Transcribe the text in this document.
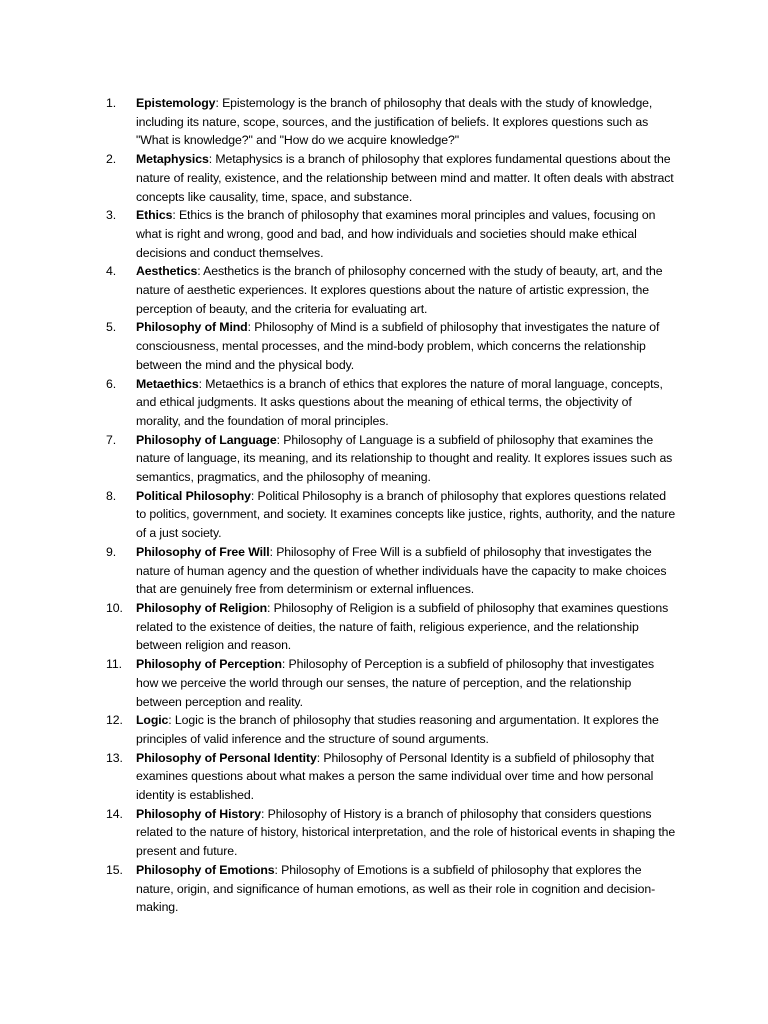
1.	Epistemology: Epistemology is the branch of philosophy that deals with the study of knowledge, including its nature, scope, sources, and the justification of beliefs. It explores questions such as "What is knowledge?" and "How do we acquire knowledge?"
2.	Metaphysics: Metaphysics is a branch of philosophy that explores fundamental questions about the nature of reality, existence, and the relationship between mind and matter. It often deals with abstract concepts like causality, time, space, and substance.
3.	Ethics: Ethics is the branch of philosophy that examines moral principles and values, focusing on what is right and wrong, good and bad, and how individuals and societies should make ethical decisions and conduct themselves.
4.	Aesthetics: Aesthetics is the branch of philosophy concerned with the study of beauty, art, and the nature of aesthetic experiences. It explores questions about the nature of artistic expression, the perception of beauty, and the criteria for evaluating art.
5.	Philosophy of Mind: Philosophy of Mind is a subfield of philosophy that investigates the nature of consciousness, mental processes, and the mind-body problem, which concerns the relationship between the mind and the physical body.
6.	Metaethics: Metaethics is a branch of ethics that explores the nature of moral language, concepts, and ethical judgments. It asks questions about the meaning of ethical terms, the objectivity of morality, and the foundation of moral principles.
7.	Philosophy of Language: Philosophy of Language is a subfield of philosophy that examines the nature of language, its meaning, and its relationship to thought and reality. It explores issues such as semantics, pragmatics, and the philosophy of meaning.
8.	Political Philosophy: Political Philosophy is a branch of philosophy that explores questions related to politics, government, and society. It examines concepts like justice, rights, authority, and the nature of a just society.
9.	Philosophy of Free Will: Philosophy of Free Will is a subfield of philosophy that investigates the nature of human agency and the question of whether individuals have the capacity to make choices that are genuinely free from determinism or external influences.
10.	Philosophy of Religion: Philosophy of Religion is a subfield of philosophy that examines questions related to the existence of deities, the nature of faith, religious experience, and the relationship between religion and reason.
11.	Philosophy of Perception: Philosophy of Perception is a subfield of philosophy that investigates how we perceive the world through our senses, the nature of perception, and the relationship between perception and reality.
12.	Logic: Logic is the branch of philosophy that studies reasoning and argumentation. It explores the principles of valid inference and the structure of sound arguments.
13.	Philosophy of Personal Identity: Philosophy of Personal Identity is a subfield of philosophy that examines questions about what makes a person the same individual over time and how personal identity is established.
14.	Philosophy of History: Philosophy of History is a branch of philosophy that considers questions related to the nature of history, historical interpretation, and the role of historical events in shaping the present and future.
15.	Philosophy of Emotions: Philosophy of Emotions is a subfield of philosophy that explores the nature, origin, and significance of human emotions, as well as their role in cognition and decision-making.
